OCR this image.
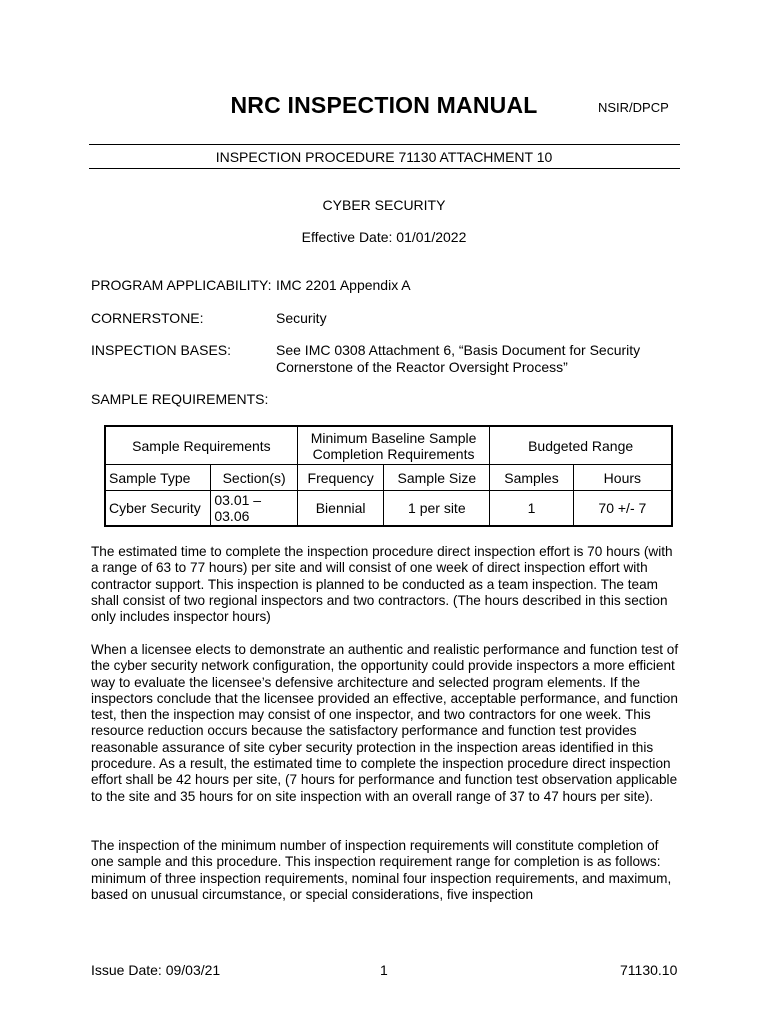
NRC INSPECTION MANUAL	NSIR/DPCP
INSPECTION PROCEDURE 71130 ATTACHMENT 10
CYBER SECURITY
Effective Date: 01/01/2022
PROGRAM APPLICABILITY: IMC 2201 Appendix A
CORNERSTONE:	Security
INSPECTION BASES:	See IMC 0308 Attachment 6, “Basis Document for Security Cornerstone of the Reactor Oversight Process”
SAMPLE REQUIREMENTS:
Sample Requirements		Minimum Baseline Sample Completion Requirements		Budgeted Range	
Sample Type	Section(s)	Frequency	Sample Size	Samples	Hours
Cyber Security	03.01 – 03.06	Biennial	1 per site	1	70 +/- 7

The estimated time to complete the inspection procedure direct inspection effort is 70 hours (with a range of 63 to 77 hours) per site and will consist of one week of direct inspection effort with contractor support. This inspection is planned to be conducted as a team inspection. The team shall consist of two regional inspectors and two contractors. (The hours described in this section only includes inspector hours)

When a licensee elects to demonstrate an authentic and realistic performance and function test of the cyber security network configuration, the opportunity could provide inspectors a more efficient way to evaluate the licensee’s defensive architecture and selected program elements. If the inspectors conclude that the licensee provided an effective, acceptable performance, and function test, then the inspection may consist of one inspector, and two contractors for one week. This resource reduction occurs because the satisfactory performance and function test provides reasonable assurance of site cyber security protection in the inspection areas identified in this procedure. As a result, the estimated time to complete the inspection procedure direct inspection effort shall be 42 hours per site, (7 hours for performance and function test observation applicable to the site and 35 hours for on site inspection with an overall range of 37 to 47 hours per site).

The inspection of the minimum number of inspection requirements will constitute completion of one sample and this procedure. This inspection requirement range for completion is as follows: minimum of three inspection requirements, nominal four inspection requirements, and maximum, based on unusual circumstance, or special considerations, five inspection

Issue Date: 09/03/21	1	71130.10
